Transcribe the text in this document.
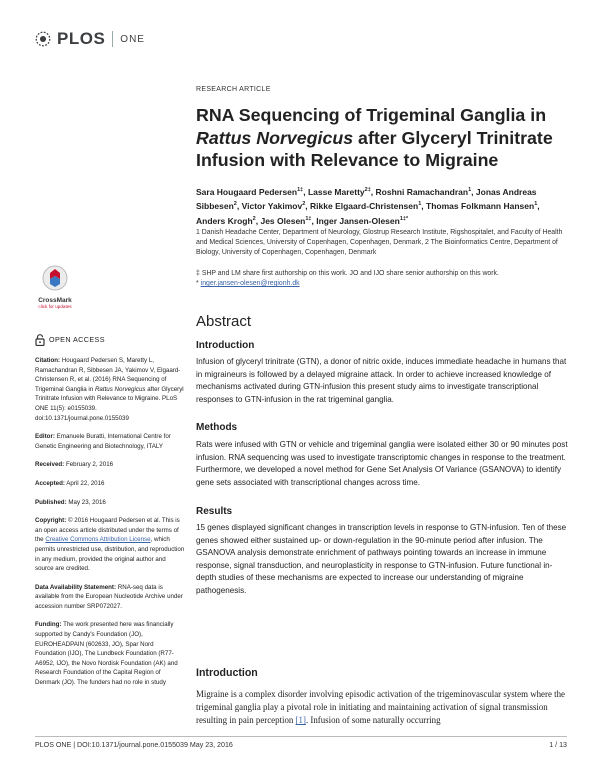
PLOS ONE
CrossMark
click for updates
OPEN ACCESS
Citation: Hougaard Pedersen S, Maretty L, Ramachandran R, Sibbesen JA, Yakimov V, Elgaard-Christensen R, et al. (2016) RNA Sequencing of Trigeminal Ganglia in Rattus Norvegicus after Glyceryl Trinitrate Infusion with Relevance to Migraine. PLoS ONE 11(5): e0155039. doi:10.1371/journal.pone.0155039
Editor: Emanuele Buratti, International Centre for Genetic Engineering and Biotechnology, ITALY
Received: February 2, 2016
Accepted: April 22, 2016
Published: May 23, 2016
Copyright: © 2016 Hougaard Pedersen et al. This is an open access article distributed under the terms of the Creative Commons Attribution License, which permits unrestricted use, distribution, and reproduction in any medium, provided the original author and source are credited.
Data Availability Statement: RNA-seq data is available from the European Nucleotide Archive under accession number SRP072027.
Funding: The work presented here was financially supported by Candy's Foundation (JO), EUROHEADPAIN (602633, JO), Spar Nord Foundation (IJO), The Lundbeck Foundation (R77-A6952, IJO), the Novo Nordisk Foundation (AK) and Research Foundation of the Capital Region of Denmark (JO). The funders had no role in study
RESEARCH ARTICLE
RNA Sequencing of Trigeminal Ganglia in Rattus Norvegicus after Glyceryl Trinitrate Infusion with Relevance to Migraine
Sara Hougaard Pedersen$^{1\ddagger}$, Lasse Maretty$^{2\ddagger}$, Roshni Ramachandran$^1$, Jonas Andreas Sibbesen$^2$, Victor Yakimov$^2$, Rikke Elgaard-Christensen$^1$, Thomas Folkmann Hansen$^1$, Anders Krogh$^2$, Jes Olesen$^{1\ddagger}$, Inger Jansen-Olesen$^{1\ddagger*}$
1 Danish Headache Center, Department of Neurology, Glostrup Research Institute, Rigshospitalet, and Faculty of Health and Medical Sciences, University of Copenhagen, Copenhagen, Denmark, 2 The Bioinformatics Centre, Department of Biology, University of Copenhagen, Copenhagen, Denmark
‡ SHP and LM share first authorship on this work. JO and IJO share senior authorship on this work.
* inger.jansen-olesen@regionh.dk
Abstract
Introduction

Infusion of glyceryl trinitrate (GTN), a donor of nitric oxide, induces immediate headache in humans that in migraineurs is followed by a delayed migraine attack. In order to achieve increased knowledge of mechanisms activated during GTN-infusion this present study aims to investigate transcriptional responses to GTN-infusion in the rat trigeminal ganglia.

Methods

Rats were infused with GTN or vehicle and trigeminal ganglia were isolated either 30 or 90 minutes post infusion. RNA sequencing was used to investigate transcriptomic changes in response to the treatment. Furthermore, we developed a novel method for Gene Set Analysis Of Variance (GSANOVA) to identify gene sets associated with transcriptional changes across time.

Results

15 genes displayed significant changes in transcription levels in response to GTN-infusion. Ten of these genes showed either sustained up- or down-regulation in the 90-minute period after infusion. The GSANOVA analysis demonstrate enrichment of pathways pointing towards an increase in immune response, signal transduction, and neuroplasticity in response to GTN-infusion. Future functional in-depth studies of these mechanisms are expected to increase our understanding of migraine pathogenesis.

Introduction

Migraine is a complex disorder involving episodic activation of the trigeminovascular system where the trigeminal ganglia play a pivotal role in initiating and maintaining activation of signal transmission resulting in pain perception [1]. Infusion of some naturally occurring

PLOS ONE | DOI:10.1371/journal.pone.0155039 May 23, 2016	1 / 13
